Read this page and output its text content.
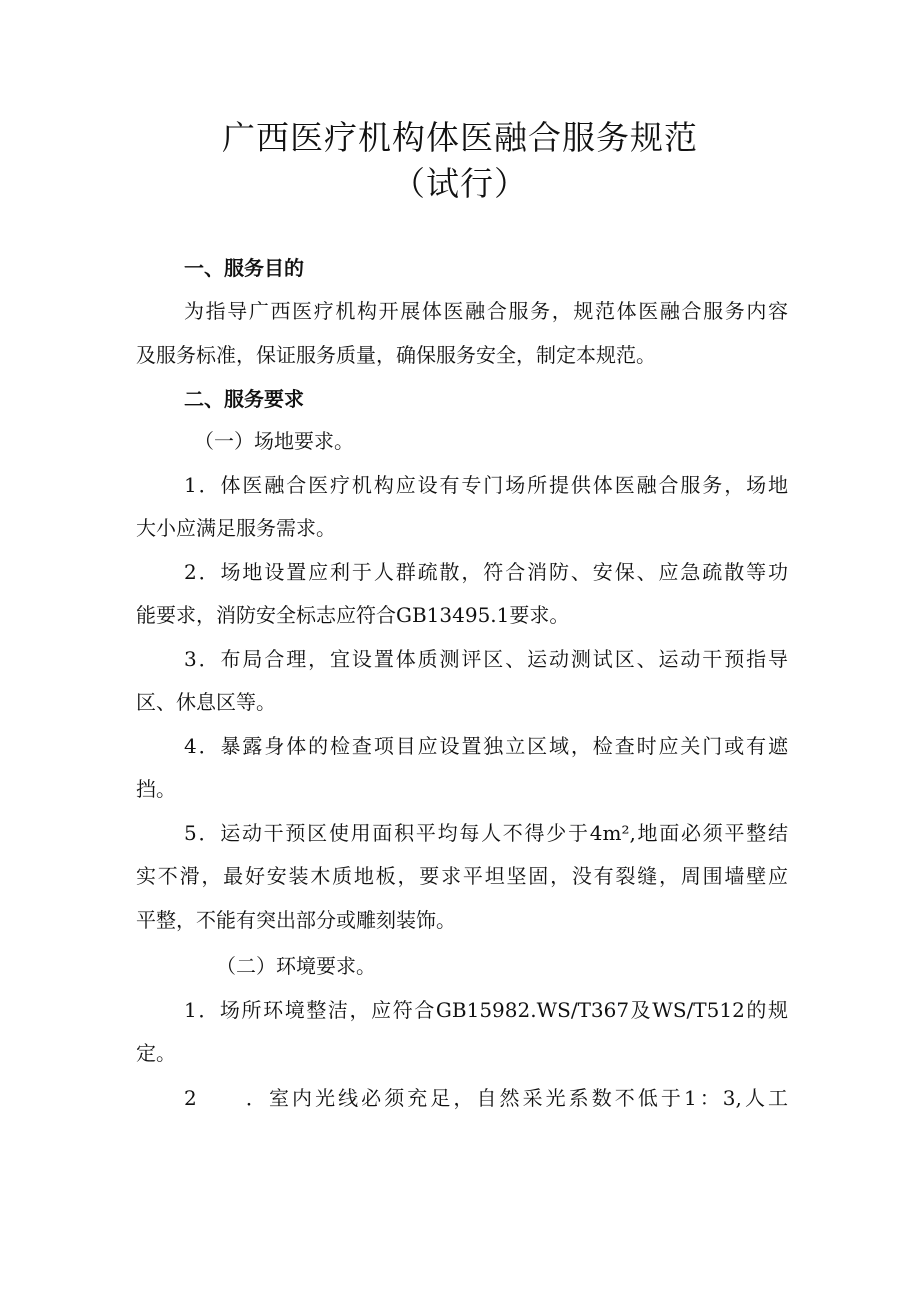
广西医疗机构体医融合服务规范
（试行）

一、服务目的

为指导广西医疗机构开展体医融合服务，规范体医融合服务内容

及服务标准，保证服务质量，确保服务安全，制定本规范。

二、服务要求

（一）场地要求。

1．体医融合医疗机构应设有专门场所提供体医融合服务，场地

大小应满足服务需求。

2．场地设置应利于人群疏散，符合消防、安保、应急疏散等功

能要求，消防安全标志应符合GB13495.1要求。

3．布局合理，宜设置体质测评区、运动测试区、运动干预指导

区、休息区等。

4．暴露身体的检查项目应设置独立区域，检查时应关门或有遮

挡。

5．运动干预区使用面积平均每人不得少于4m²,地面必须平整结

实不滑，最好安装木质地板，要求平坦坚固，没有裂缝，周围墙壁应

平整，不能有突出部分或雕刻装饰。

（二）环境要求。

1．场所环境整洁，应符合GB15982.WS/T367及WS/T512的规

定。

2　　．室内光线必须充足，自然采光系数不低于1：3,人工
